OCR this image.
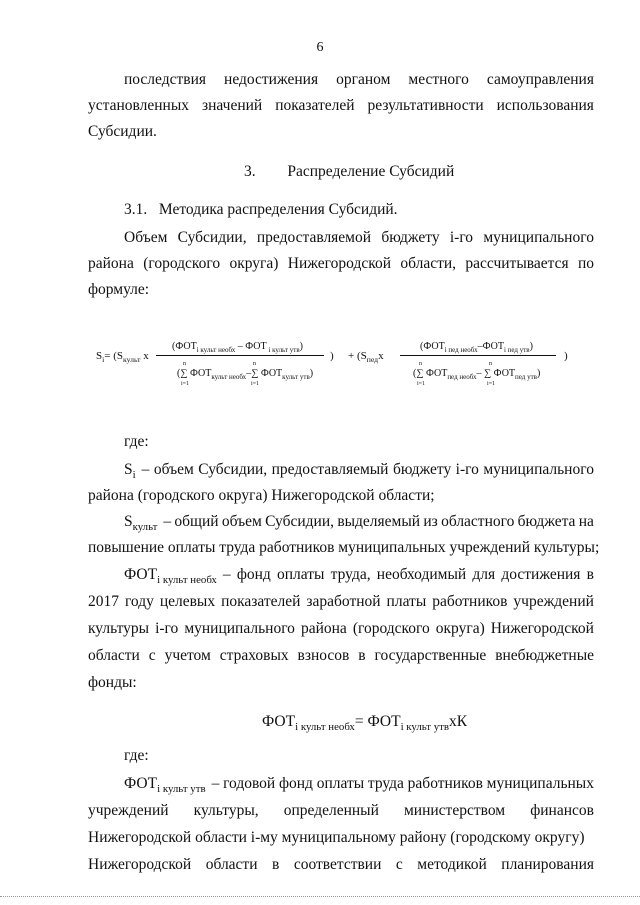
6
последствия недостижения органом местного самоуправления
установленных значений показателей результативности использования
Субсидии.
3. Распределение Субсидий
3.1.   Методика распределения Субсидий.
Объем Субсидии, предоставляемой бюджету i-го муниципального
района (городского округа) Нижегородской области, рассчитывается по
формуле:
$S_i= (S_{культ}$ x
($ФОТ_{i культ необх}$ – ФОТ $_{i культ утв}$)
n	n
(∑ $ФОТ_{культ необх}-\sum$ $ФОТ_{культ утв}$)
i=1	i=1
) + ($S_{пед}x$
$(ФОТ_{i пед необх}-ФОТ_{i пед утв})$
n	n
(∑ $ФОТ_{пед необх}-$ ∑ $ФОТ_{пед утв}$)
i=1	i=1
)
где:
$S_i$ – объем Субсидии, предоставляемый бюджету i-го муниципального
района (городского округа) Нижегородской области;
$S_{культ}$ – общий объем Субсидии, выделяемый из областного бюджета на
повышение оплаты труда работников муниципальных учреждений культуры;
$ФОТ_{i культ необх}$ – фонд оплаты труда, необходимый для достижения в
2017 году целевых показателей заработной платы работников учреждений
культуры i-го муниципального района (городского округа) Нижегородской
области с учетом страховых взносов в государственные внебюджетные
фонды:
$ФОТ_{i культ необх}= ФОТ_{i культ утв}хК$
где:
$ФОТ_{i культ утв}$ – годовой фонд оплаты труда работников муниципальных
учреждений культуры, определенный министерством финансов
Нижегородской области i-му муниципальному району (городскому округу)
Нижегородской области в соответствии с методикой планирования
